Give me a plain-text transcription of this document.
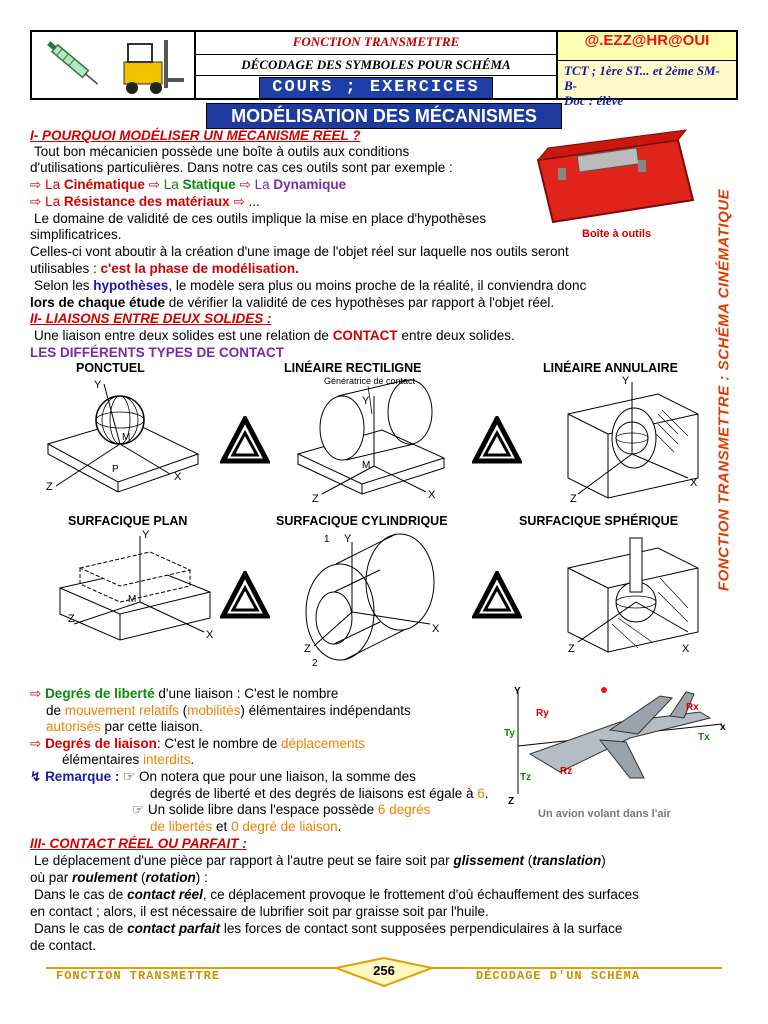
FONCTION TRANSMETTRE
DÉCODAGE DES SYMBOLES POUR SCHÉMA
COURS ; EXERCICES
@.EZZ@HR@OUI
TCT ; 1ère ST... et 2ème SM-B-
Doc : élève
MODÉLISATION DES MÉCANISMES
FONCTION TRANSMETTRE : SCHÉMA CINÉMATIQUE
Boîte à outils
I- POURQUOI MODÉLISER UN MÉCANISME RÉEL ?
Tout bon mécanicien possède une boîte à outils aux conditions
d'utilisations particulières. Dans notre cas ces outils sont par exemple :
⇨ La Cinématique ⇨ La Statique ⇨ La Dynamique
⇨ La Résistance des matériaux ⇨ ...
Le domaine de validité de ces outils implique la mise en place d'hypothèses
simplificatrices.
Celles-ci vont aboutir à la création d'une image de l'objet réel sur laquelle nos outils seront
utilisables : c'est la phase de modélisation.
Selon les hypothèses, le modèle sera plus ou moins proche de la réalité, il conviendra donc
lors de chaque étude de vérifier la validité de ces hypothèses par rapport à l'objet réel.
II- LIAISONS ENTRE DEUX SOLIDES :
Une liaison entre deux solides est une relation de CONTACT entre deux solides.
LES DIFFÉRENTS TYPES DE CONTACT
PONCTUEL	LINÉAIRE RECTILIGNE	LINÉAIRE ANNULAIRE
SURFACIQUE PLAN	SURFACIQUE CYLINDRIQUE	SURFACIQUE SPHÉRIQUE
Y
X
Z
M
P
Génératrice de contact
Y
X
Z
M
Y
X
Z
Y
X
Z
M
Y
X
Z
1
2
Z	X
⇨ Degrés de liberté d'une liaison : C'est le nombre
de mouvement relatifs (mobilités) élémentaires indépendants
autorisés par cette liaison.
⇨ Degrés de liaison: C'est le nombre de déplacements
élémentaires interdits.
↯ Remarque : ☞ On notera que pour une liaison, la somme des
degrés de liberté et des degrés de liaisons est égale à 6.
☞ Un solide libre dans l'espace possède 6 degrés
de libertés et 0 degré de liaison.
Y
x
Z
Ry
Rx
Rz
Ty	Tx
Tz
Un avion volant dans l'air
III- CONTACT RÉEL OU PARFAIT :
Le déplacement d'une pièce par rapport à l'autre peut se faire soit par glissement (translation)
où par roulement (rotation) :
Dans le cas de contact réel, ce déplacement provoque le frottement d'où échauffement des surfaces
en contact ; alors, il est nécessaire de lubrifier soit par graisse soit par l'huile.
Dans le cas de contact parfait les forces de contact sont supposées perpendiculaires à la surface
de contact.
FONCTION TRANSMETTRE	256	DÉCODAGE D'UN SCHÉMA
